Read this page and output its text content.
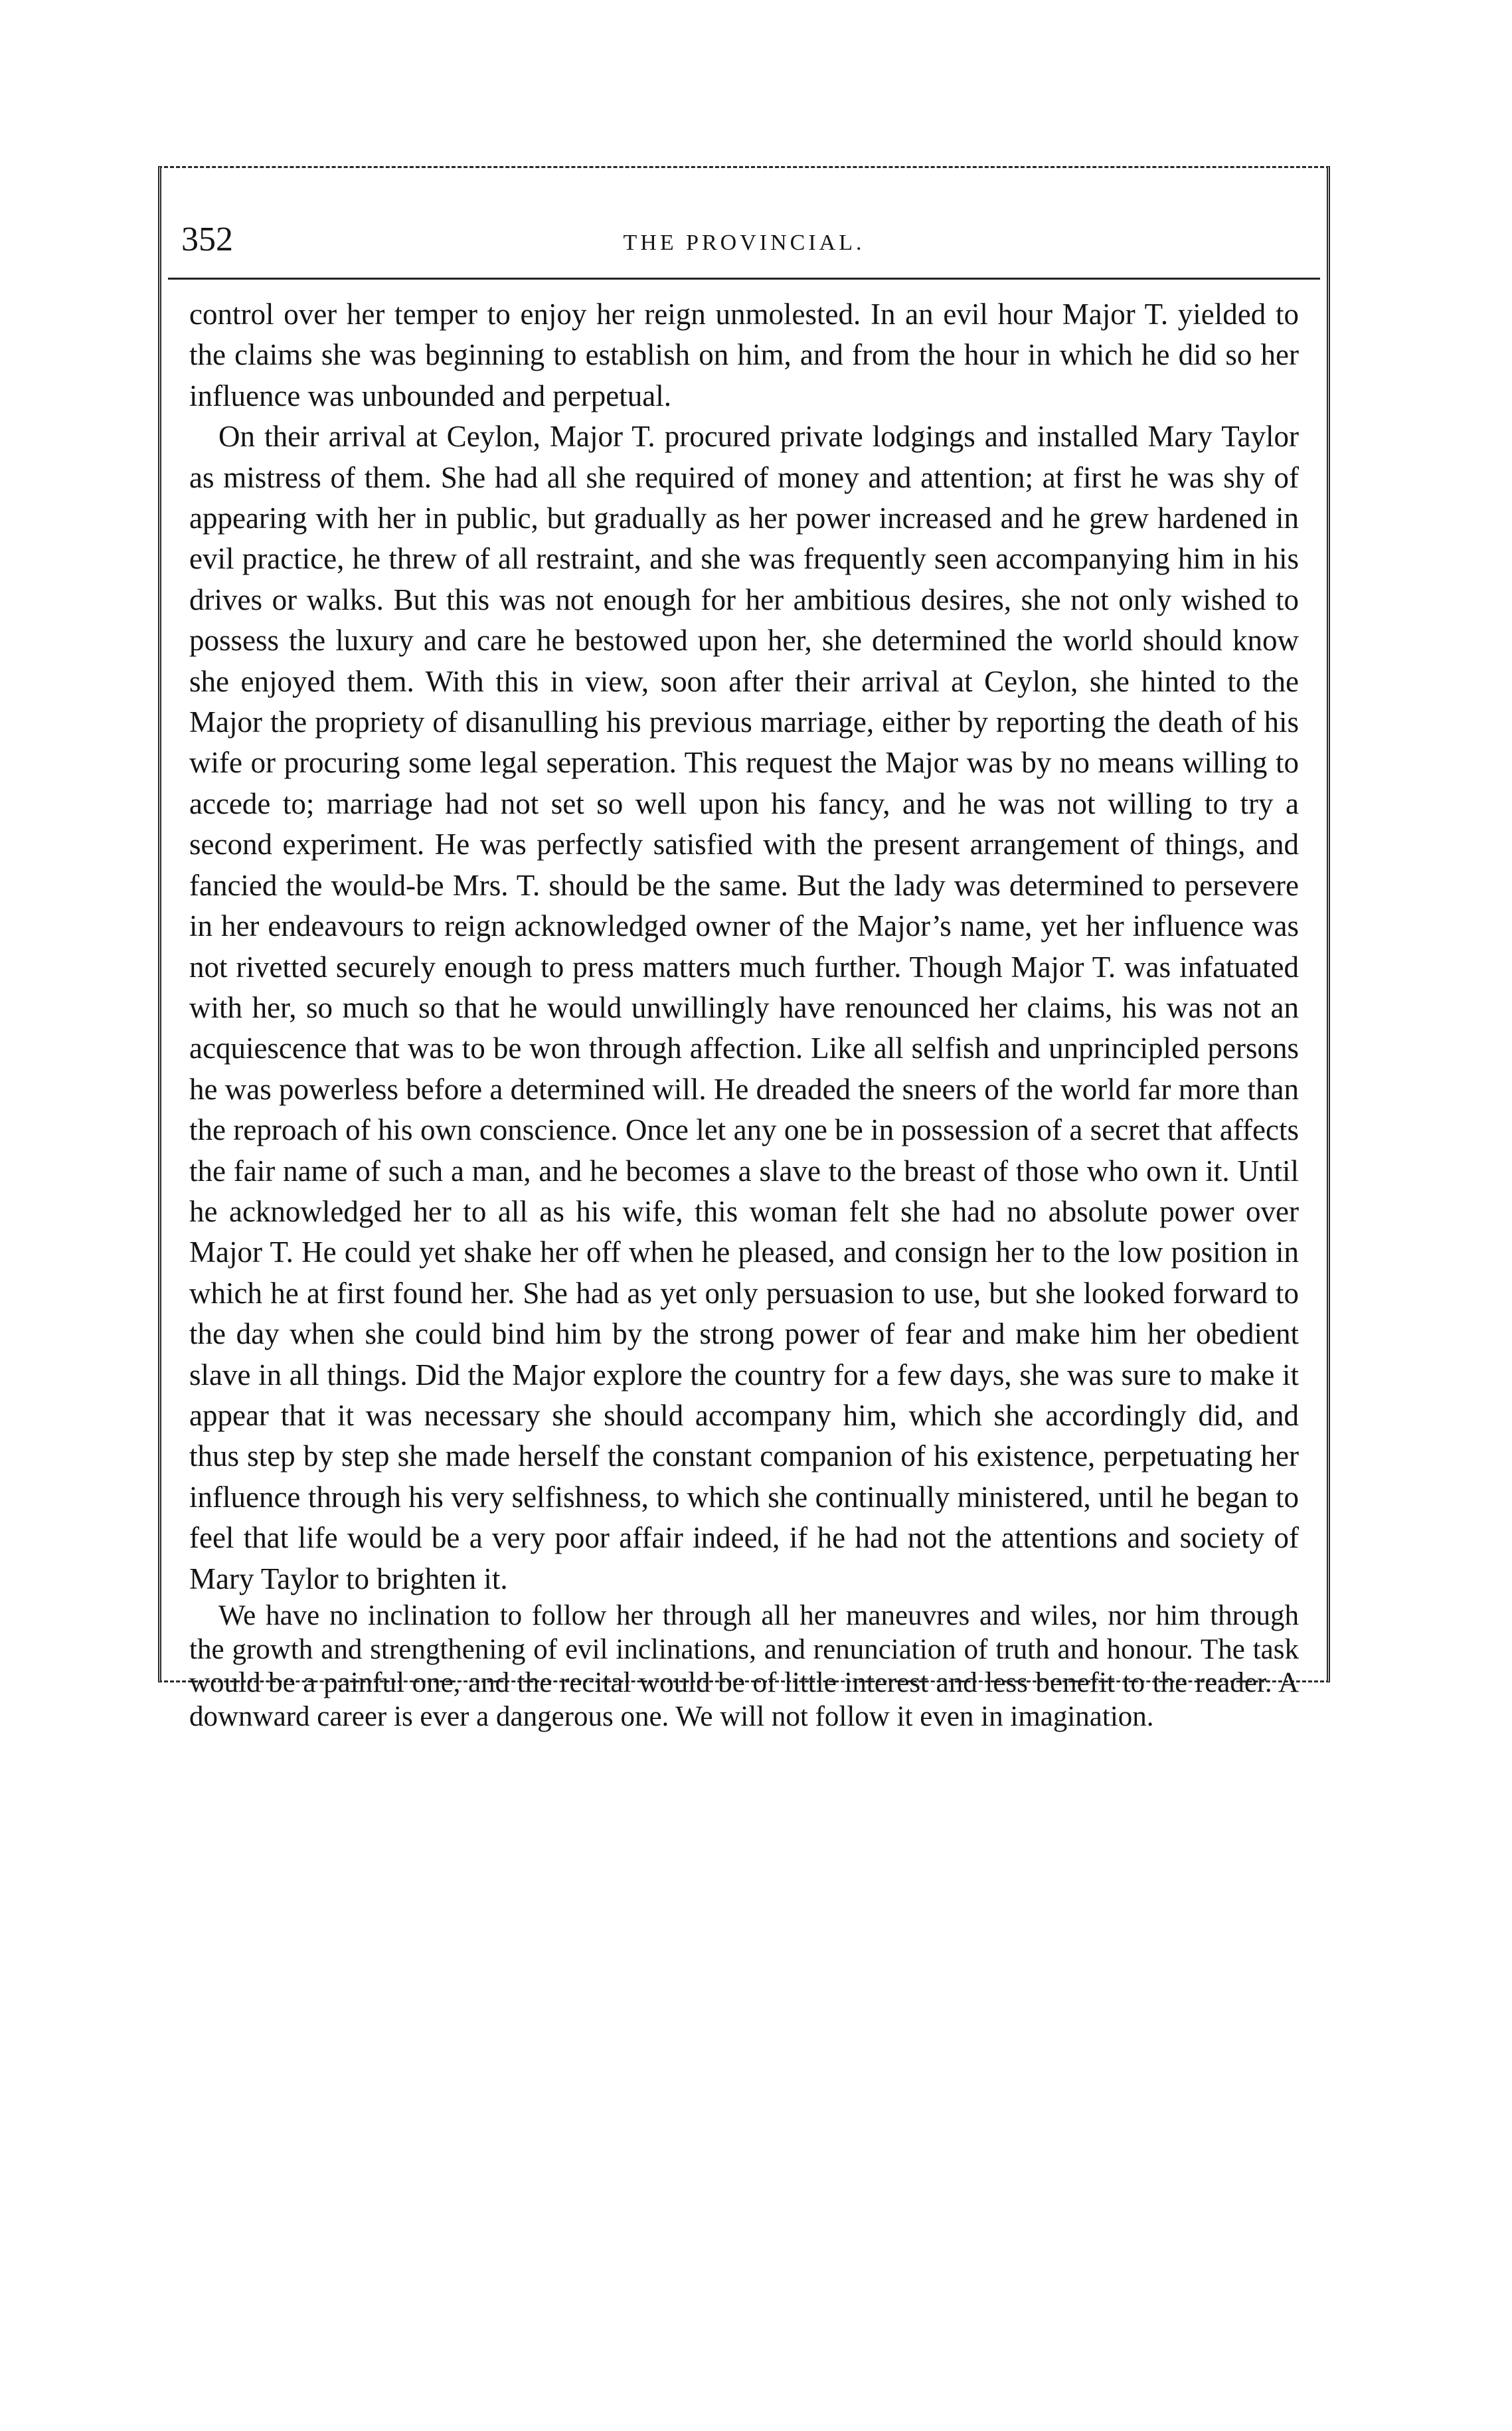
352	THE PROVINCIAL.

control over her temper to enjoy her reign unmolested. In an evil hour Major T. yielded to the claims she was beginning to establish on him, and from the hour in which he did so her influence was unbounded and perpetual.

On their arrival at Ceylon, Major T. procured private lodgings and installed Mary Taylor as mistress of them. She had all she required of money and attention; at first he was shy of appearing with her in public, but gradually as her power increased and he grew hardened in evil practice, he threw of all restraint, and she was frequently seen accompanying him in his drives or walks. But this was not enough for her ambitious desires, she not only wished to possess the luxury and care he bestowed upon her, she determined the world should know she enjoyed them. With this in view, soon after their arrival at Ceylon, she hinted to the Major the propriety of disanulling his previous marriage, either by reporting the death of his wife or procuring some legal seperation. This request the Major was by no means willing to accede to; marriage had not set so well upon his fancy, and he was not willing to try a second experiment. He was perfectly satisfied with the present arrangement of things, and fancied the would-be Mrs. T. should be the same. But the lady was determined to persevere in her endeavours to reign acknowledged owner of the Major’s name, yet her influence was not rivetted securely enough to press matters much further. Though Major T. was infatuated with her, so much so that he would unwillingly have renounced her claims, his was not an acquiescence that was to be won through affection. Like all selfish and unprincipled persons he was powerless before a determined will. He dreaded the sneers of the world far more than the reproach of his own conscience. Once let any one be in possession of a secret that affects the fair name of such a man, and he becomes a slave to the breast of those who own it. Until he acknowledged her to all as his wife, this woman felt she had no absolute power over Major T. He could yet shake her off when he pleased, and consign her to the low position in which he at first found her. She had as yet only persuasion to use, but she looked forward to the day when she could bind him by the strong power of fear and make him her obedient slave in all things. Did the Major explore the country for a few days, she was sure to make it appear that it was necessary she should accompany him, which she accordingly did, and thus step by step she made herself the constant companion of his existence, perpetuating her influence through his very selfishness, to which she continually ministered, until he began to feel that life would be a very poor affair indeed, if he had not the attentions and society of Mary Taylor to brighten it.

We have no inclination to follow her through all her maneuvres and wiles, nor him through the growth and strengthening of evil inclinations, and renunciation of truth and honour. The task would be a painful one, and the recital would be of little interest and less benefit to the reader. A downward career is ever a dangerous one. We will not follow it even in imagination.
